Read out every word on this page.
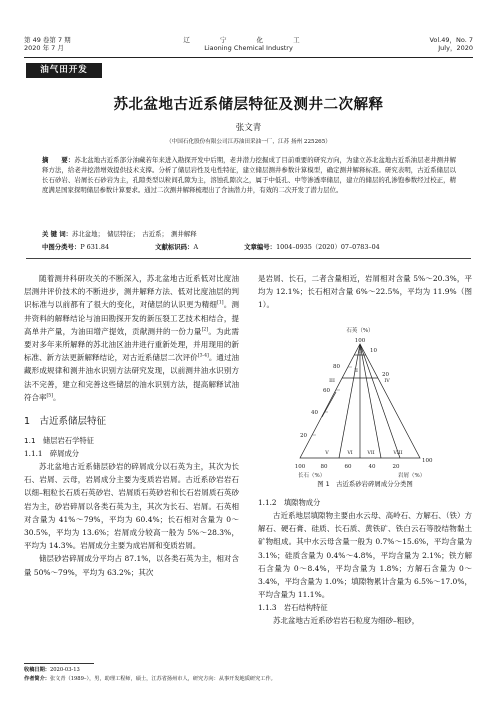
第 49 卷第 7 期
2020 年 7 月
辽 宁 化 工
Liaoning Chemical Industry
Vol.49，No. 7
July，2020
油气田开发
苏北盆地古近系储层特征及测井二次解释
张文青
（中国石化股份有限公司江苏油田采油一厂，江苏 扬州 225265）
摘　　要：苏北盆地古近系部分油藏若年来进入勘探开发中后期，老井潜力挖掘成了目前重要的研究方向，为建立苏北盆地古近系油层老井测井解释方法，给老井挖潜增效提供技术支撑。分析了储层岩性及电性特征，建立储层测井参数计算模型，确定测井解释标准。研究表明，古近系储层以长石砂岩、岩屑长石砂岩为主，孔隙类型以粒间孔隙为主，溶蚀孔隙次之，属于中低孔、中等渗透率储层，建立的储层的孔渗饱参数经过校正，精度满足国家探明储层参数计算要求。通过二次测井解释梳理出了含油潜力井，有效的二次开发了潜力层位。
关 键 词：苏北盆地；　储层特征；　古近系；　测井解释
中图分类号：P 631.84	文献标识码：A	文章编号：1004–0935（2020）07–0783–04

随着测井科研攻关的不断深入，苏北盆地古近系低对比度油层测井评价技术的不断进步，测井解释方法、低对比度油层的判识标准与以前都有了很大的变化，对储层的认识更为精细[1]。测井资料的解释结论与油田勘探开发的新压裂工艺技术相结合，提高单井产量，为油田增产提效，贡献测井的一份力量[2]。为此需要对多年来所解释的苏北油区油井进行重新处理，并用现用的新标准、新方法更新解释结论，对古近系储层二次评价[3-4]。通过油藏形成规律和测井油水识别方法研究发现，以前测井油水识别方法不完善，建立和完善这些储层的油水识别方法，提高解释试油符合率[5]。

1　古近系储层特征
1.1　储层岩石学特征
1.1.1　碎屑成分

苏北盆地古近系储层砂岩的碎屑成分以石英为主，其次为长石、岩屑、云母，岩屑成分主要为变质岩岩屑。古近系砂岩岩石以细–粗粒长石质石英砂岩、岩屑质石英砂岩和长石岩屑质石英砂岩为主，砂岩碎屑以各类石英为主，其次为长石、岩屑。石英相对含量为 41%～79%，平均为 60.4%；长石相对含量为 0～30.5%，平均为 13.6%；岩屑成分较高一般为 5%～28.3%，平均为 14.3%。岩屑成分主要为成岩屑和变质岩屑。

储层砂岩碎屑成分平均占 87.1%，以各类石英为主，相对含量 50%～79%，平均为 63.2%；其次

是岩屑、长石，二者含量相近，岩屑相对含量 5%～20.3%，平均为 12.1%；长石相对含量 6%～22.5%，平均为 11.9%（图 1）。

石英（%）
100
80
60
40
20
10
20
100
100	80	60	40	20
长石（%）	岩屑（%）
I
II
III	IV
V	VI	VII	VIII
图 1　古近系砂岩碎屑成分分类图
1.1.2　填隙物成分

古近系地层填隙物主要由水云母、高岭石、方解石、（铁）方解石、硬石膏、硅质、长石质、黄铁矿、铁白云石等胶结物黏土矿物组成。其中水云母含量一般为 0.7%～15.6%，平均含量为 3.1%；硅质含量为 0.4%～4.8%，平均含量为 2.1%；铁方解石含量为 0～8.4%，平均含量为 1.8%；方解石含量为 0～3.4%，平均含量为 1.0%；填隙物累计含量为 6.5%～17.0%，平均含量为 11.1%。

1.1.3　岩石结构特征

苏北盆地古近系砂岩岩石粒度为细砂–粗砂，

收稿日期：2020-03-13
作者简介：张文青（1989–），男，助理工程师，硕士，江苏省扬州市人，研究方向：从事开发地质研究工作。
